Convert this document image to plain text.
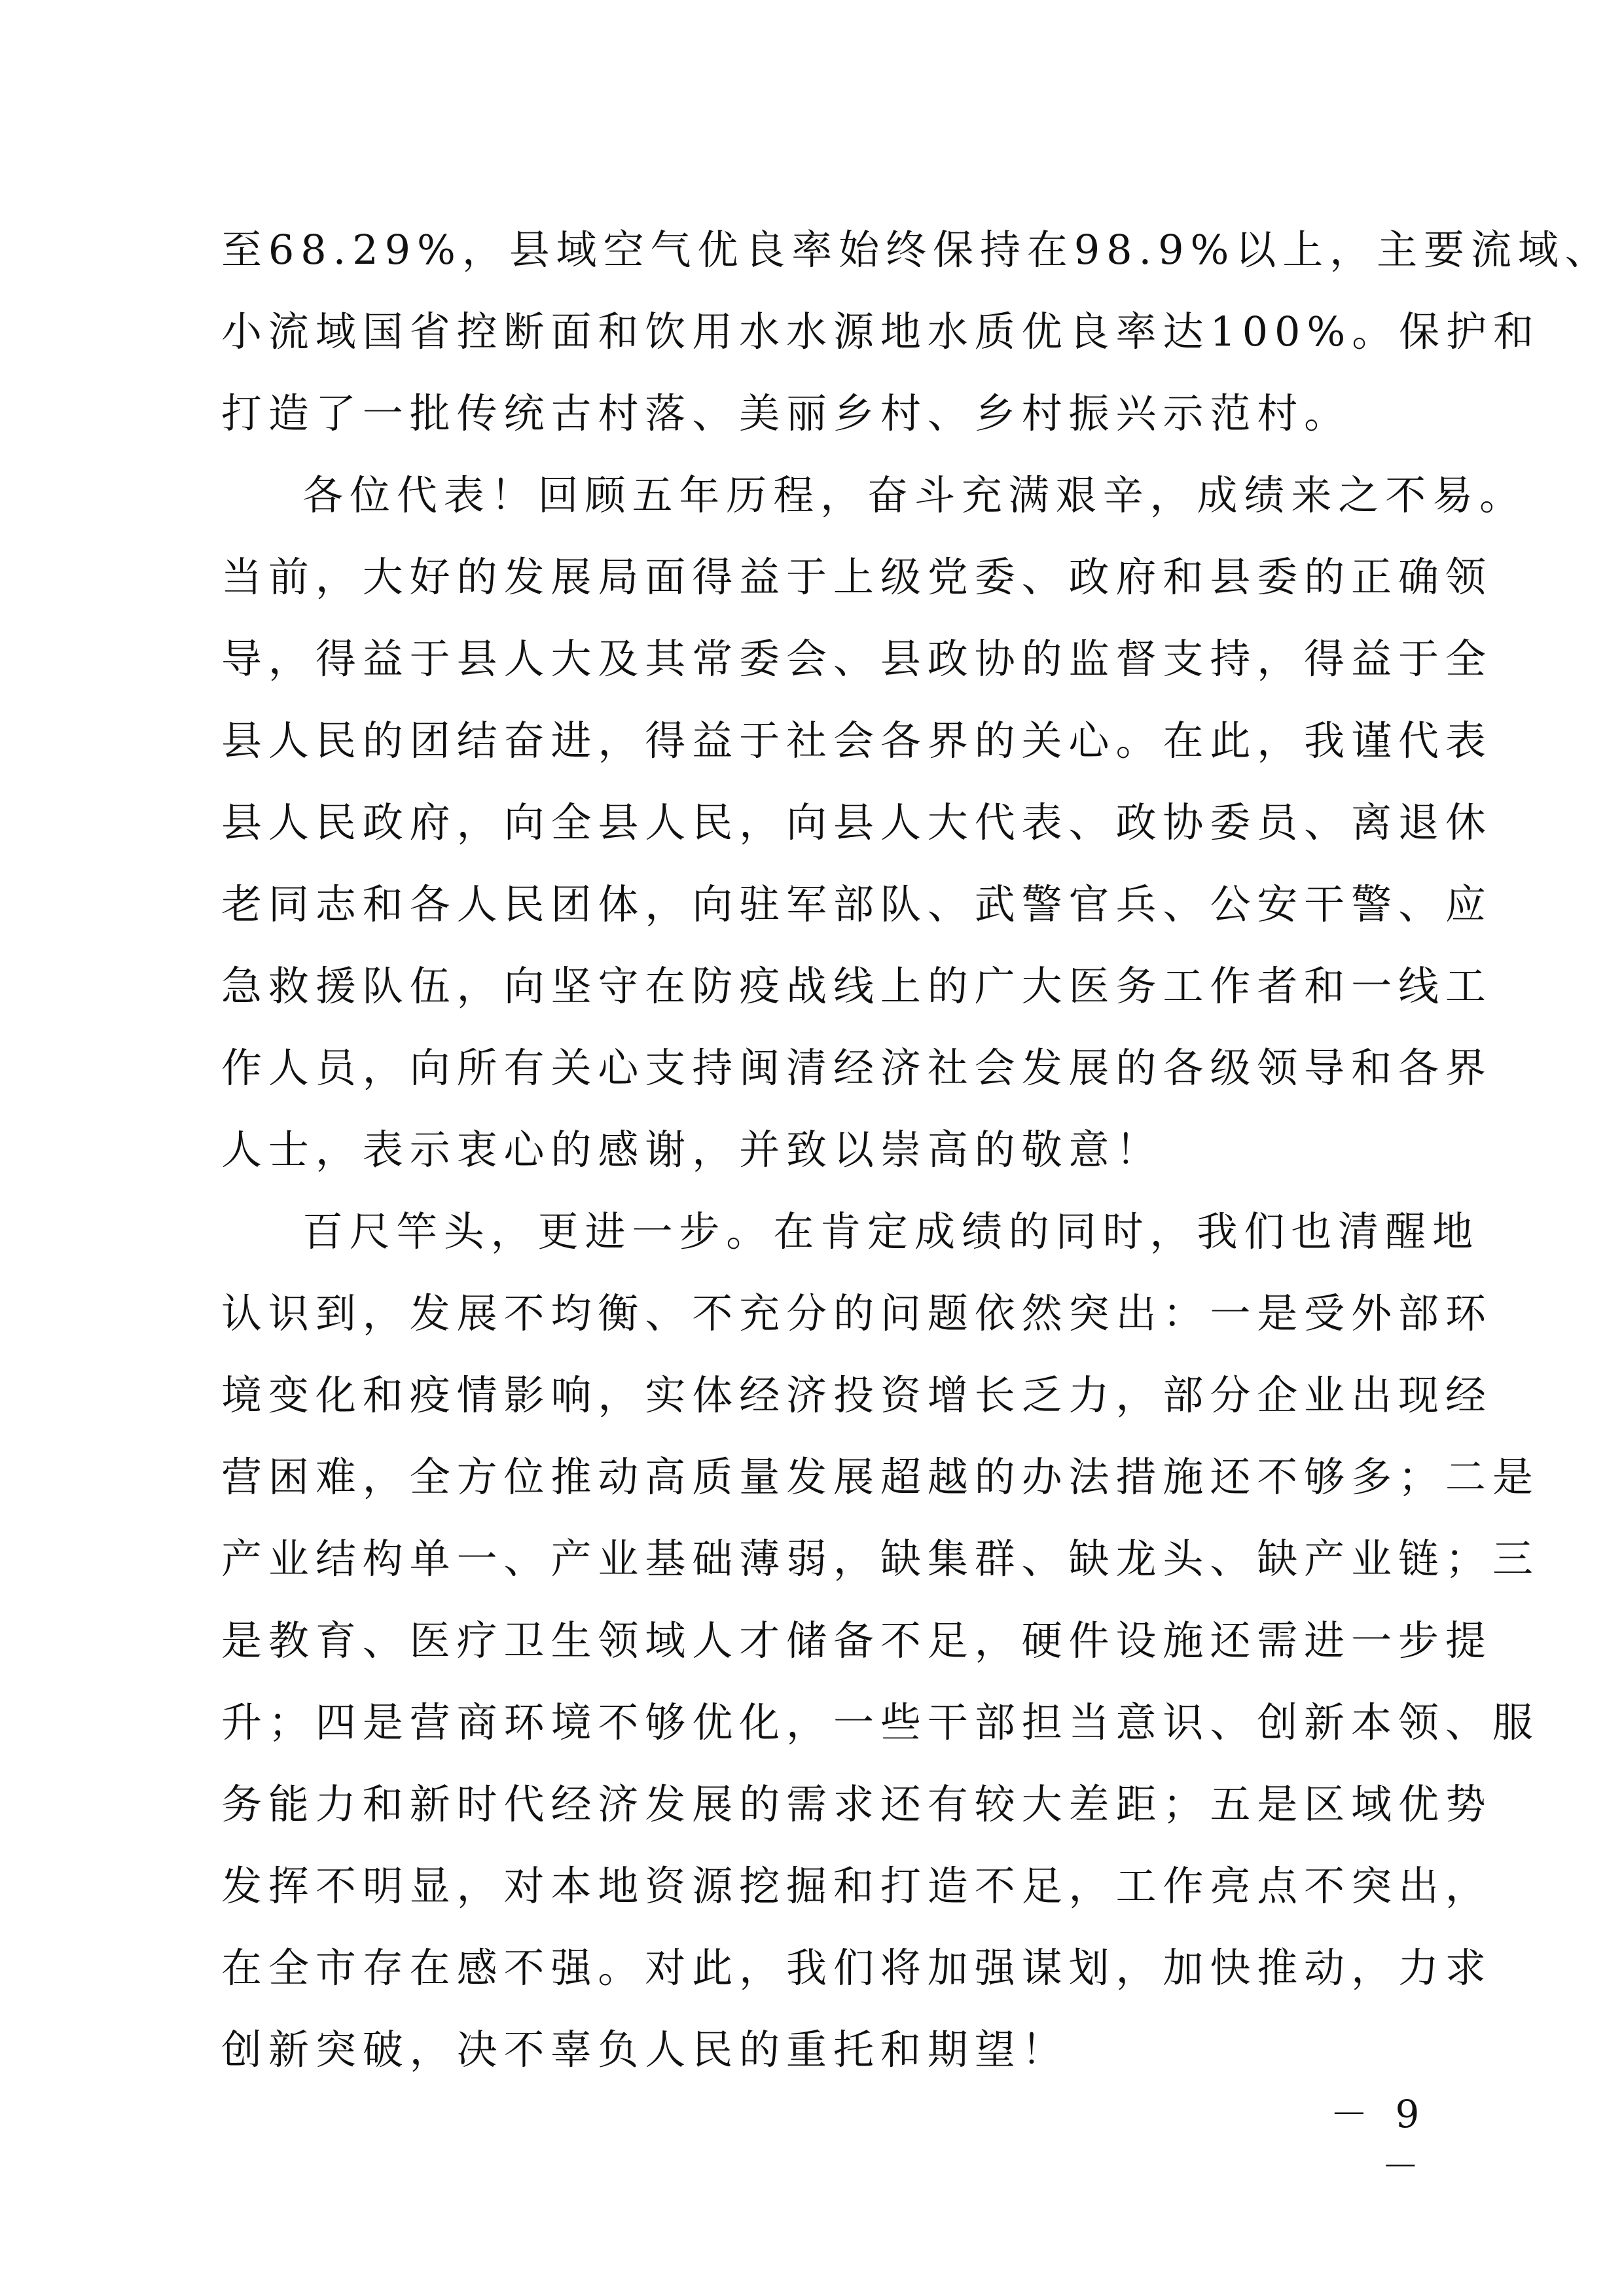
至68.29%，县域空气优良率始终保持在98.9%以上，主要流域、
小流域国省控断面和饮用水水源地水质优良率达100%。保护和
打造了一批传统古村落、美丽乡村、乡村振兴示范村。
各位代表！回顾五年历程，奋斗充满艰辛，成绩来之不易。
当前，大好的发展局面得益于上级党委、政府和县委的正确领
导，得益于县人大及其常委会、县政协的监督支持，得益于全
县人民的团结奋进，得益于社会各界的关心。在此，我谨代表
县人民政府，向全县人民，向县人大代表、政协委员、离退休
老同志和各人民团体，向驻军部队、武警官兵、公安干警、应
急救援队伍，向坚守在防疫战线上的广大医务工作者和一线工
作人员，向所有关心支持闽清经济社会发展的各级领导和各界
人士，表示衷心的感谢，并致以崇高的敬意！
百尺竿头，更进一步。在肯定成绩的同时，我们也清醒地
认识到，发展不均衡、不充分的问题依然突出：一是受外部环
境变化和疫情影响，实体经济投资增长乏力，部分企业出现经
营困难，全方位推动高质量发展超越的办法措施还不够多；二是
产业结构单一、产业基础薄弱，缺集群、缺龙头、缺产业链；三
是教育、医疗卫生领域人才储备不足，硬件设施还需进一步提
升；四是营商环境不够优化，一些干部担当意识、创新本领、服
务能力和新时代经济发展的需求还有较大差距；五是区域优势
发挥不明显，对本地资源挖掘和打造不足，工作亮点不突出，
在全市存在感不强。对此，我们将加强谋划，加快推动，力求
创新突破，决不辜负人民的重托和期望！
－ 9 －
